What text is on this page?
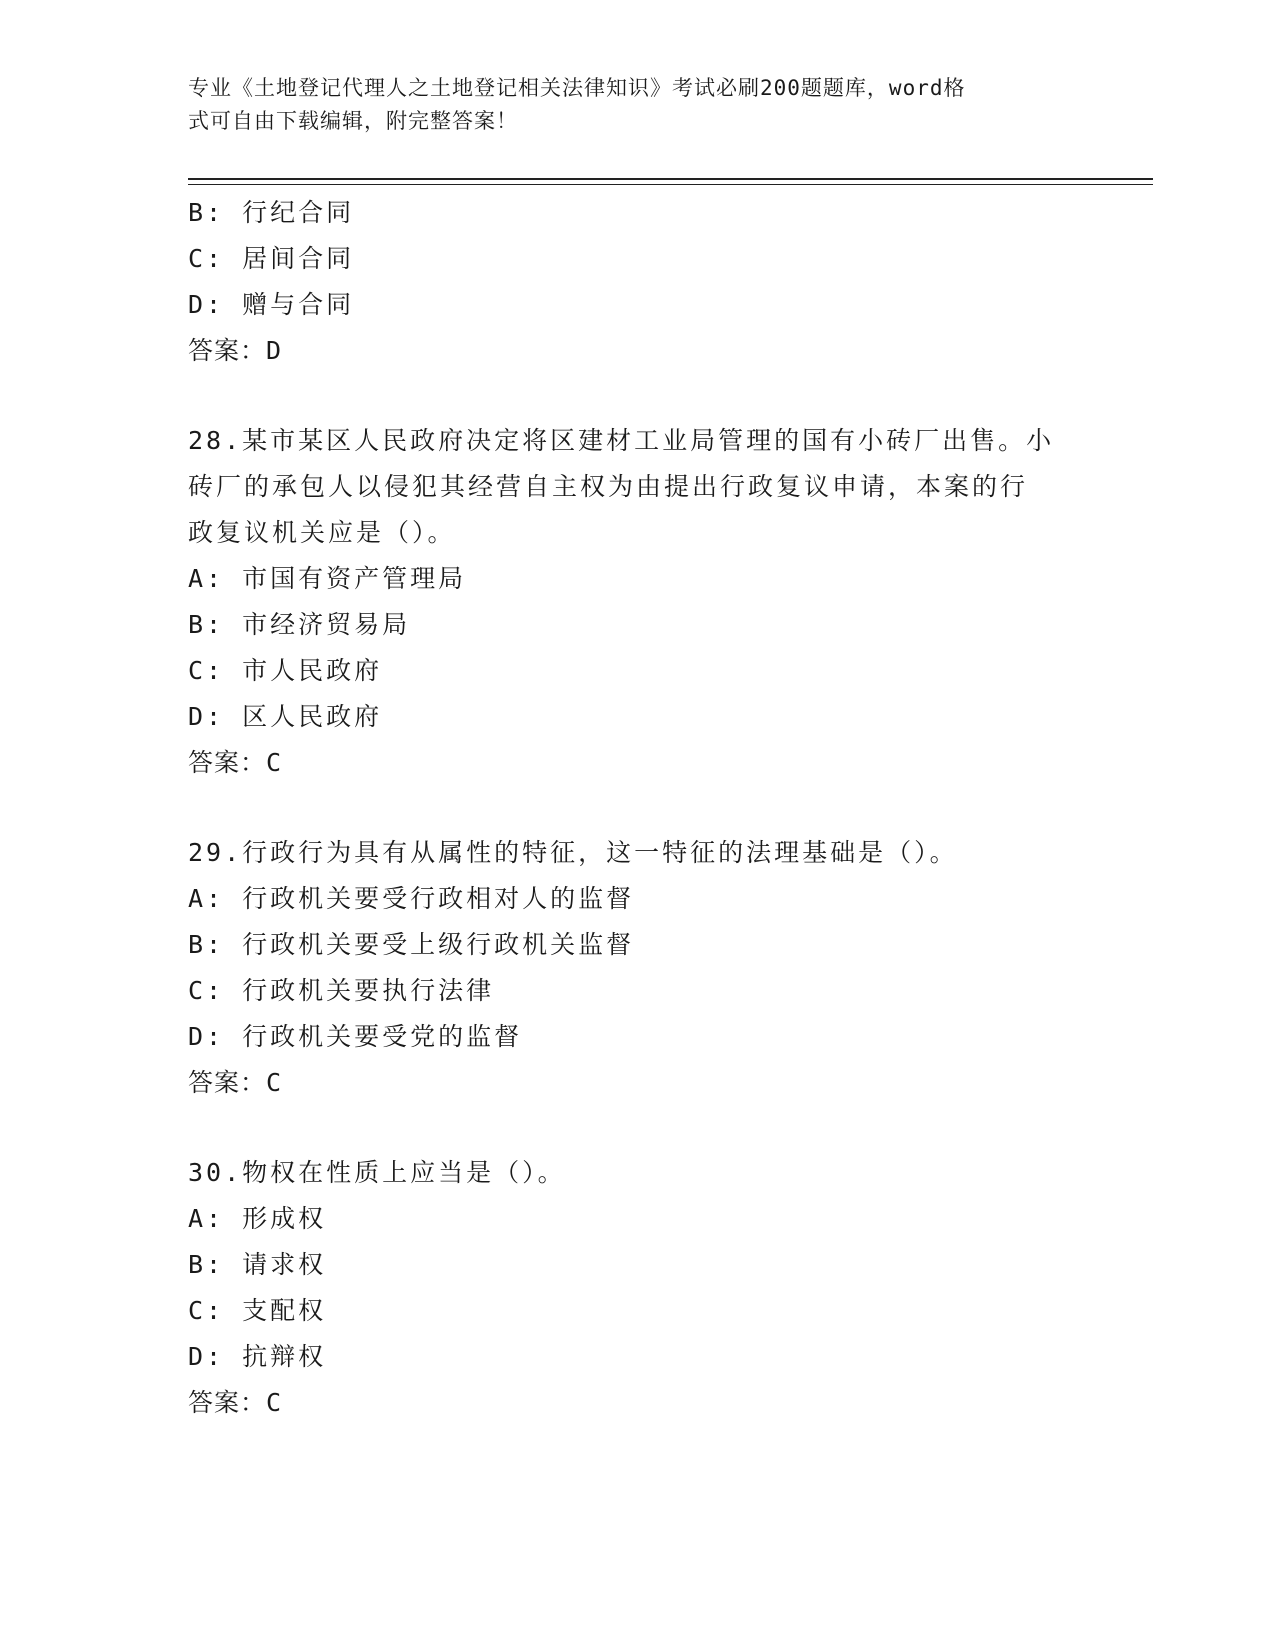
专业《土地登记代理人之土地登记相关法律知识》考试必刷200题题库，word格
式可自由下载编辑，附完整答案！
B: 行纪合同
C: 居间合同
D: 赠与合同
答案：D
28.某市某区人民政府决定将区建材工业局管理的国有小砖厂出售。小
砖厂的承包人以侵犯其经营自主权为由提出行政复议申请，本案的行
政复议机关应是（）。
A: 市国有资产管理局
B: 市经济贸易局
C: 市人民政府
D: 区人民政府
答案：C
29.行政行为具有从属性的特征，这一特征的法理基础是（）。
A: 行政机关要受行政相对人的监督
B: 行政机关要受上级行政机关监督
C: 行政机关要执行法律
D: 行政机关要受党的监督
答案：C
30.物权在性质上应当是（）。
A: 形成权
B: 请求权
C: 支配权
D: 抗辩权
答案：C
